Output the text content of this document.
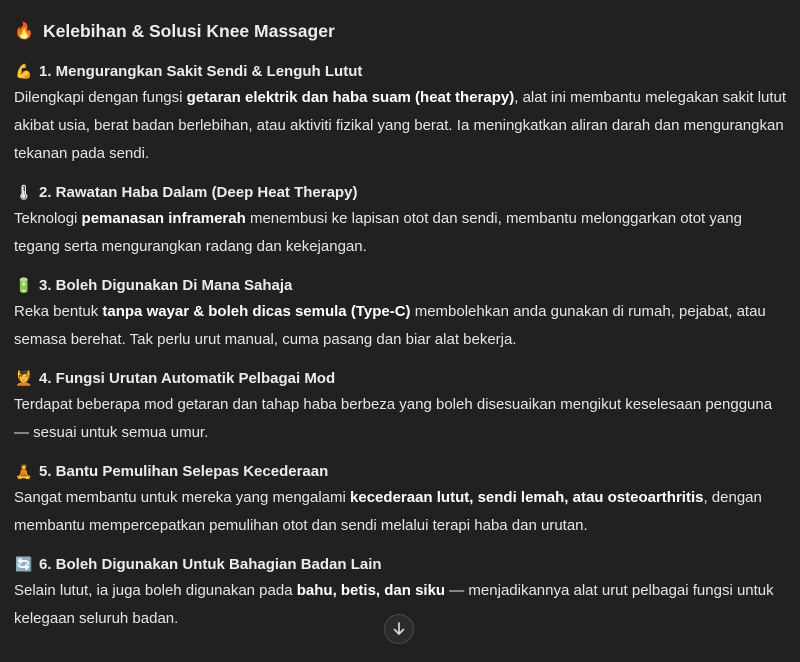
🔥 Kelebihan & Solusi Knee Massager
💪 1. Mengurangkan Sakit Sendi & Lenguh Lutut

Dilengkapi dengan fungsi getaran elektrik dan haba suam (heat therapy), alat ini membantu melegakan sakit lutut akibat usia, berat badan berlebihan, atau aktiviti fizikal yang berat. Ia meningkatkan aliran darah dan mengurangkan tekanan pada sendi.

🌡 2. Rawatan Haba Dalam (Deep Heat Therapy)

Teknologi pemanasan inframerah menembusi ke lapisan otot dan sendi, membantu melonggarkan otot yang tegang serta mengurangkan radang dan kekejangan.

🔋 3. Boleh Digunakan Di Mana Sahaja

Reka bentuk tanpa wayar & boleh dicas semula (Type-C) membolehkan anda gunakan di rumah, pejabat, atau semasa berehat. Tak perlu urut manual, cuma pasang dan biar alat bekerja.

💆 4. Fungsi Urutan Automatik Pelbagai Mod

Terdapat beberapa mod getaran dan tahap haba berbeza yang boleh disesuaikan mengikut keselesaan pengguna — sesuai untuk semua umur.

🧘 5. Bantu Pemulihan Selepas Kecederaan

Sangat membantu untuk mereka yang mengalami kecederaan lutut, sendi lemah, atau osteoarthritis, dengan membantu mempercepatkan pemulihan otot dan sendi melalui terapi haba dan urutan.

🔄 6. Boleh Digunakan Untuk Bahagian Badan Lain

Selain lutut, ia juga boleh digunakan pada bahu, betis, dan siku — menjadikannya alat urut pelbagai fungsi untuk kelegaan seluruh badan.
